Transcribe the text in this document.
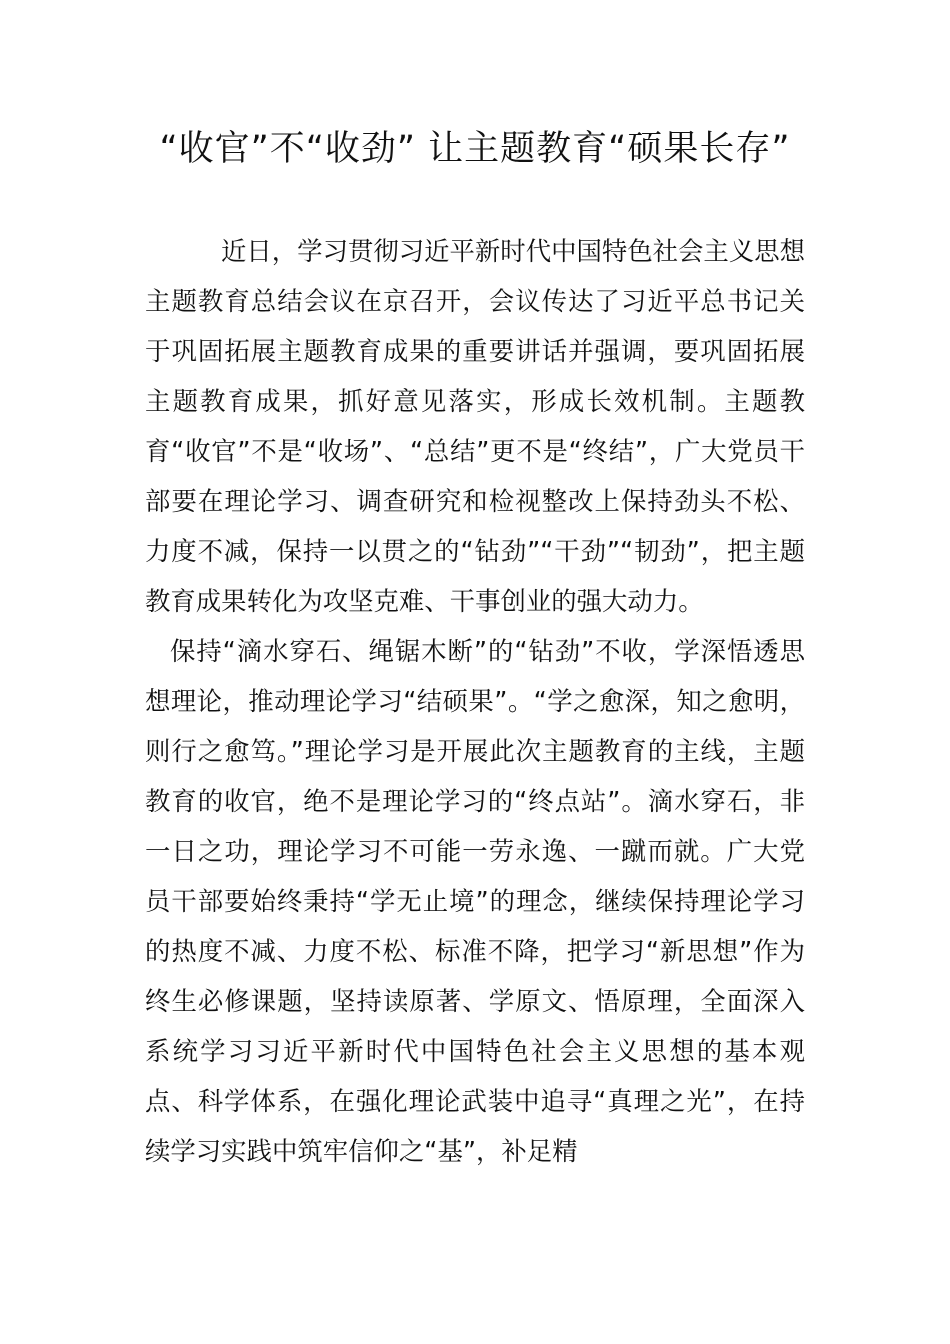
“收官”不“收劲” 让主题教育“硕果长存”

近日，学习贯彻习近平新时代中国特色社会主义思想主题教育总结会议在京召开，会议传达了习近平总书记关于巩固拓展主题教育成果的重要讲话并强调，要巩固拓展主题教育成果，抓好意见落实，形成长效机制。主题教育“收官”不是“收场”、“总结”更不是“终结”，广大党员干部要在理论学习、调查研究和检视整改上保持劲头不松、力度不减，保持一以贯之的“钻劲”“干劲”“韧劲”，把主题教育成果转化为攻坚克难、干事创业的强大动力。

保持“滴水穿石、绳锯木断”的“钻劲”不收，学深悟透思想理论，推动理论学习“结硕果”。“学之愈深，知之愈明，则行之愈笃。”理论学习是开展此次主题教育的主线，主题教育的收官，绝不是理论学习的“终点站”。滴水穿石，非一日之功，理论学习不可能一劳永逸、一蹴而就。广大党员干部要始终秉持“学无止境”的理念，继续保持理论学习的热度不减、力度不松、标准不降，把学习“新思想”作为终生必修课题，坚持读原著、学原文、悟原理，全面深入系统学习习近平新时代中国特色社会主义思想的基本观点、科学体系，在强化理论武装中追寻“真理之光”，在持续学习实践中筑牢信仰之“基”，补足精
